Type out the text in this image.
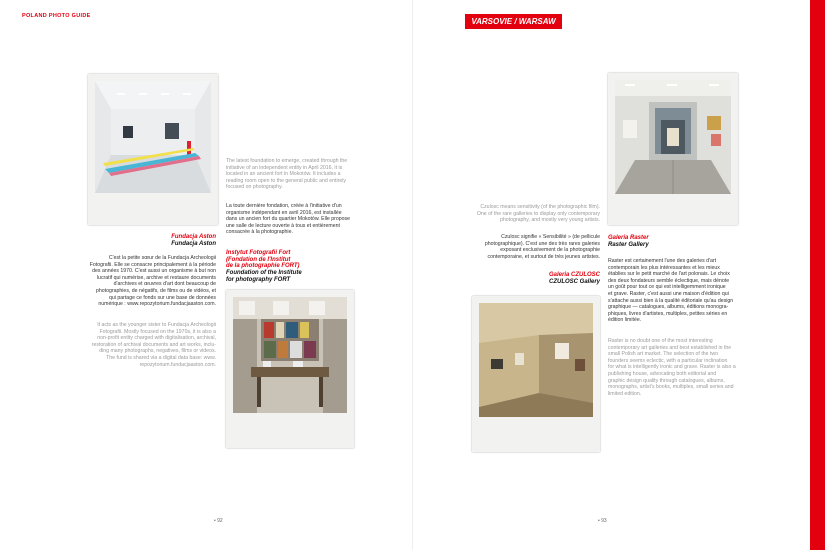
POLAND PHOTO GUIDE
VARSOVIE / WARSAW
Fundacja Aston
Fundacja Aston
C'est la petite sœur de la Fundacja Archeologii
Fotografii. Elle se consacre principalement à la période
des années 1970. C'est aussi un organisme à but non
lucratif qui numérise, archive et restaure documents
d'archives et œuvres d'art dont beaucoup de
photographies, de négatifs, de films ou de vidéos, et
qui partage ce fonds sur une base de données
numérique : www.repozytorium.fundacjaaston.com.
It acts as the younger sister to Fundacja Archeologii
Fotografii. Mostly focused on the 1970s, it is also a
non-profit entity charged with digitalisation, archival,
restoration of archival documents and art works, inclu-
ding many photographs, negatives, films or videos.
The fund is shared via a digital data base: www.
repozytorium.fundacjaaston.com.
The latest foundation to emerge, created through the
initiative of an independent entity in April 2016, it is
located in an ancient fort in Mokotów. It includes a
reading room open to the general public and entirely
focused on photography.
La toute dernière fondation, créée à l'initiative d'un
organisme indépendant en avril 2016, est installée
dans un ancien fort du quartier Mokotów. Elle propose
une salle de lecture ouverte à tous et entièrement
consacrée à la photographie.
Instytut Fotografii Fort
(Fondation de l'Institut
de la photographie FORT)
Foundation of the Institute
for photography FORT
• 92
Czulosc means sensitivity (of the photographic film).
One of the rare galleries to display only contemporary
photography, and mostly very young artists.
Czulosc signifie « Sensibilité » (de pellicule
photographique). C'est une des très rares galeries
exposant exclusivement de la photographie
contemporaine, et surtout de très jeunes artistes.
Galeria CZULOSC
CZULOSC Gallery
• 93
Galeria Raster
Raster Gallery
Raster est certainement l'une des galeries d'art
contemporain les plus intéressantes et les mieux
établies sur le petit marché de l'art polonais. Le choix
des deux fondateurs semble éclectique, mais dénote
un goût pour tout ce qui est intelligemment ironique
et grave. Raster, c'est aussi une maison d'édition qui
s'attache aussi bien à la qualité éditoriale qu'au design
graphique — catalogues, albums, éditions monogra-
phiques, livres d'artistes, multiples, petites séries en
édition limitée.
Raster is no doubt one of the most interesting
contemporary art galleries and best established in the
small Polish art market. The selection of the two
founders seems eclectic, with a particular inclination
for what is intelligently ironic and grave. Raster is also a
publishing house, advocating both editorial and
graphic design quality through catalogues, albums,
monographs, artist's books, multiples, small series and
limited edition.
